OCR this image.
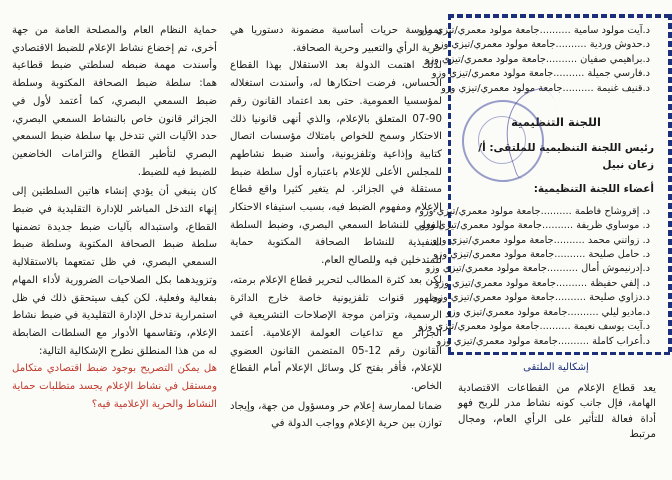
حماية النظام العام والمصلحة العامة من جهة أخرى، تم إخضاع نشاط الإعلام للضبط الاقتصادي وأسندت مهمة ضبطه لسلطتي ضبط قطاعية هما: سلطة ضبط الصحافة المكتوبة وسلطة ضبط السمعي البصري، كما أعتمد لأول في الجزائر قانون خاص بالنشاط السمعي البصري، حدد الآليات التي تتدخل بها سلطة ضبط السمعي البصري لتأطير القطاع والتزامات الخاضعين للضبط فيه للضبط.

كان ينبغي أن يؤدي إنشاء هاتين السلطتين إلى إنهاء التدخل المباشر للإدارة التقليدية في ضبط القطاع، واستبداله بآليات ضبط جديدة تضمنها سلطة ضبط الصحافة المكتوبة وسلطة ضبط السمعي البصري، في ظل تمتعهما بالاستقلالية وتزويدهما بكل الصلاحيات الضرورية لأداء المهام بفعالية وفعلية. لكن كيف سيتحقق ذلك في ظل استمرارية تدخل الإدارة التقليدية في ضبط نشاط الإعلام، وتقاسمها الأدوار مع السلطات الضابطة له من هذا المنطلق نطرح الإشكالية التالية:

هل يمكن التصريح بوجود ضبط اقتصادي متكامل ومستقل في نشاط الإعلام يجسد متطلبات حماية النشاط والحرية الإعلامية فيه؟

بممارسة حريات أساسية مضمونة دستوريا هي حرية الرأي والتعبير وحرية الصحافة.

لذلك اهتمت الدولة بعد الاستقلال بهذا القطاع الحساس، فرضت احتكارها له، وأسندت استغلاله لمؤسسيا العمومية. حتى بعد اعتماد القانون رقم 90-07 المتعلق بالإعلام، والذي أنهى قانونيا ذلك الاحتكار وسمح للخواص بامتلاك مؤسسات اتصال كتابية وإذاعية وتلفزيونية، وأسند ضبط نشاطهم للمجلس الأعلى للإعلام باعتباره أول سلطة ضبط مستقلة في الجزائر. لم يتغير كثيرا واقع قطاع الإعلام ومفهوم الضبط فيه، بسبب استيفاء الاحتكار الفعلي للنشاط السمعي البصري، وضبط السلطة التنفيذية للنشاط الصحافة المكتوبة حماية للمتدخلين فيه وللصالح العام.

لكن بعد كثرة المطالب لتحرير قطاع الإعلام برمته، وظهور قنوات تلفزيونية خاصة خارج الدائرة الرسمية، وتزامن موجة الإصلاحات التشريعية في الجزائر مع تداعيات العولمة الإعلامية. أعتمد القانون رقم 12-05 المتضمن القانون العضوي للإعلام، فأقر بفتح كل وسائل الإعلام أمام القطاع الخاص.

ضمانا لممارسة إعلام حر ومسؤول من جهة، وإيجاد توازن بين حرية الإعلام وواجب الدولة في

د.آيت مولود سامية ..........جامعة مولود معمري/تيزي وزو
د.حدوش وردية ..........جامعة مولود معمري/تيزي وزو
د.براهيمي صفيان ..........جامعة مولود معمري/تيزي وزو
د.فارسي جميلة ..........جامعة مولود معمري/تيزي وزو
د.قنيف غنيمة ..........جامعة مولود معمري/تيزي وزو
اللجنة التنظيمية
رئيس اللجنة التنظيمية للملتقى: أ/ زعان نبيل
أعضاء اللجنة التنظيمية:
د. إقروشاح فاطمة ..........جامعة مولود معمري/تيزي وزو
د. موساوي ظريفة ..........جامعة مولود معمري/تيزي وزو
د. زواتني محمد ..........جامعة مولود معمري/تيزي وزو
د. حامل صليحة ..........جامعة مولود معمري/تيزي وزو
د.إدرنيموش أمال ..........جامعة مولود معمري/تيزي وزو
د. إلفي حفيظة ..........جامعة مولود معمري/تيزي وزو
د.دزاوي صليحة ..........جامعة مولود معمري/تيزي وزو
د.ماديو ليلي ..........جامعة مولود معمري/تيزي وزو
د.آيت يوسف نعيمة ..........جامعة مولود معمري/تيزي وزو
د.أعراب كاملة ..........جامعة مولود معمري/تيزي وزو
إشكالية الملتقى
يعد قطاع الإعلام من القطاعات الاقتصادية الهامة، فإل جانب كونه نشاط مدر للربح فهو أداة فعالة للتأثير على الرأي العام، ومجال مرتبط
